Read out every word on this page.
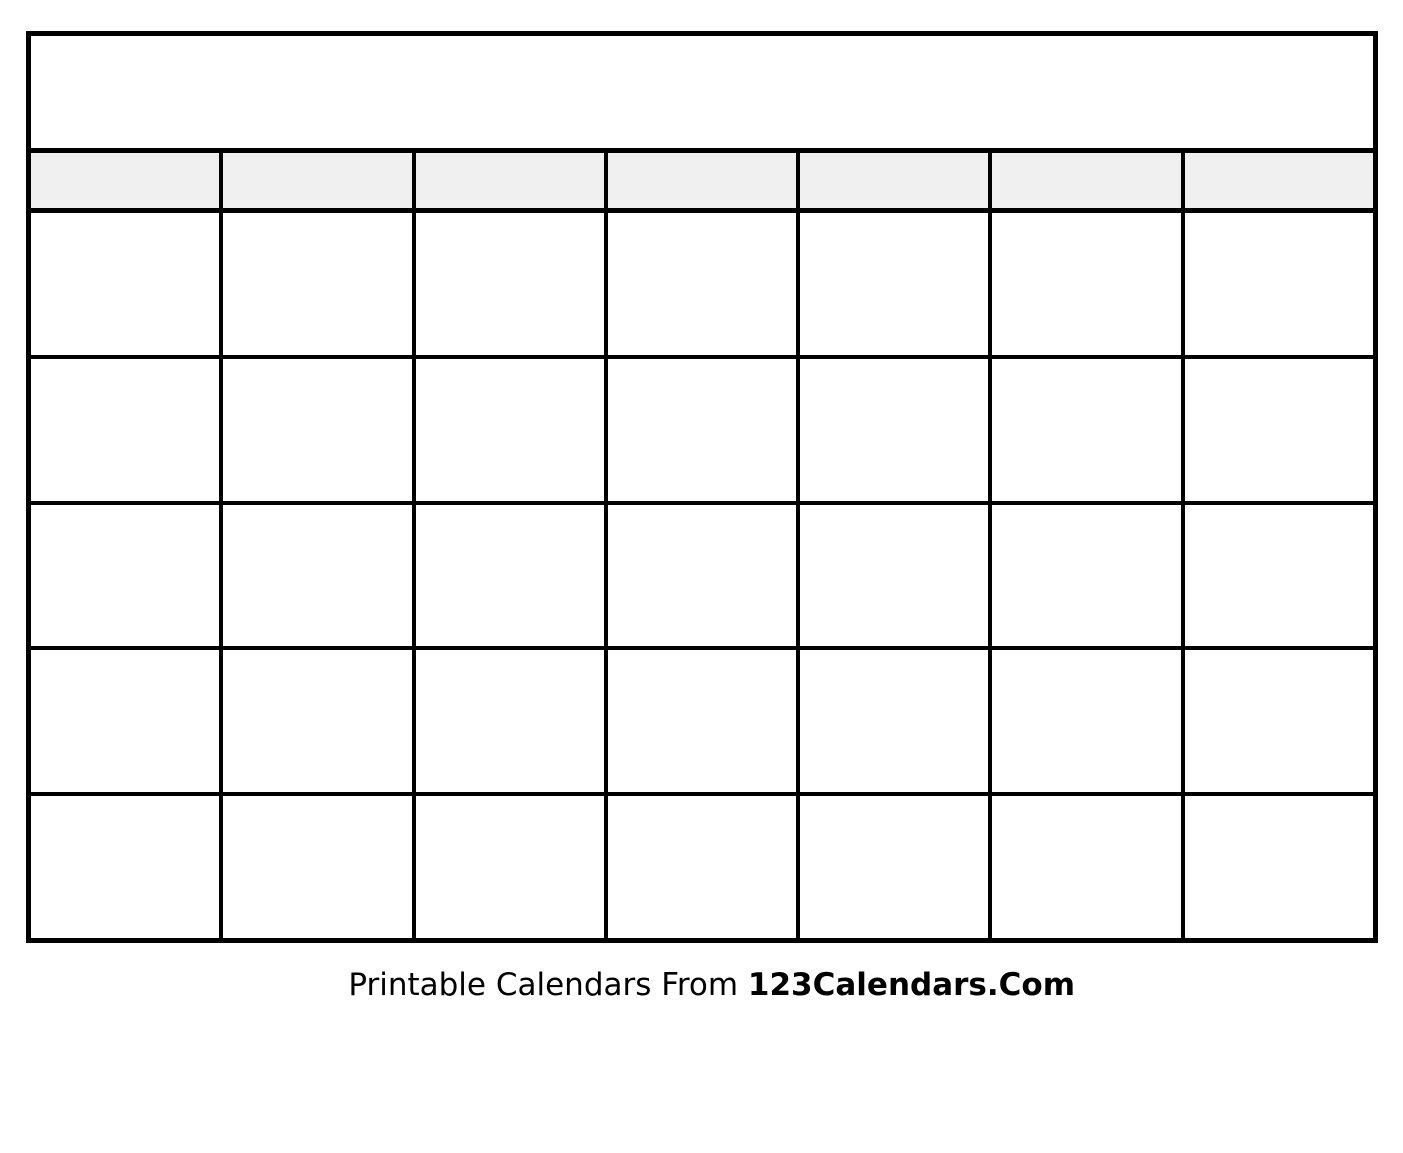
Printable Calendars From 123Calendars.Com
